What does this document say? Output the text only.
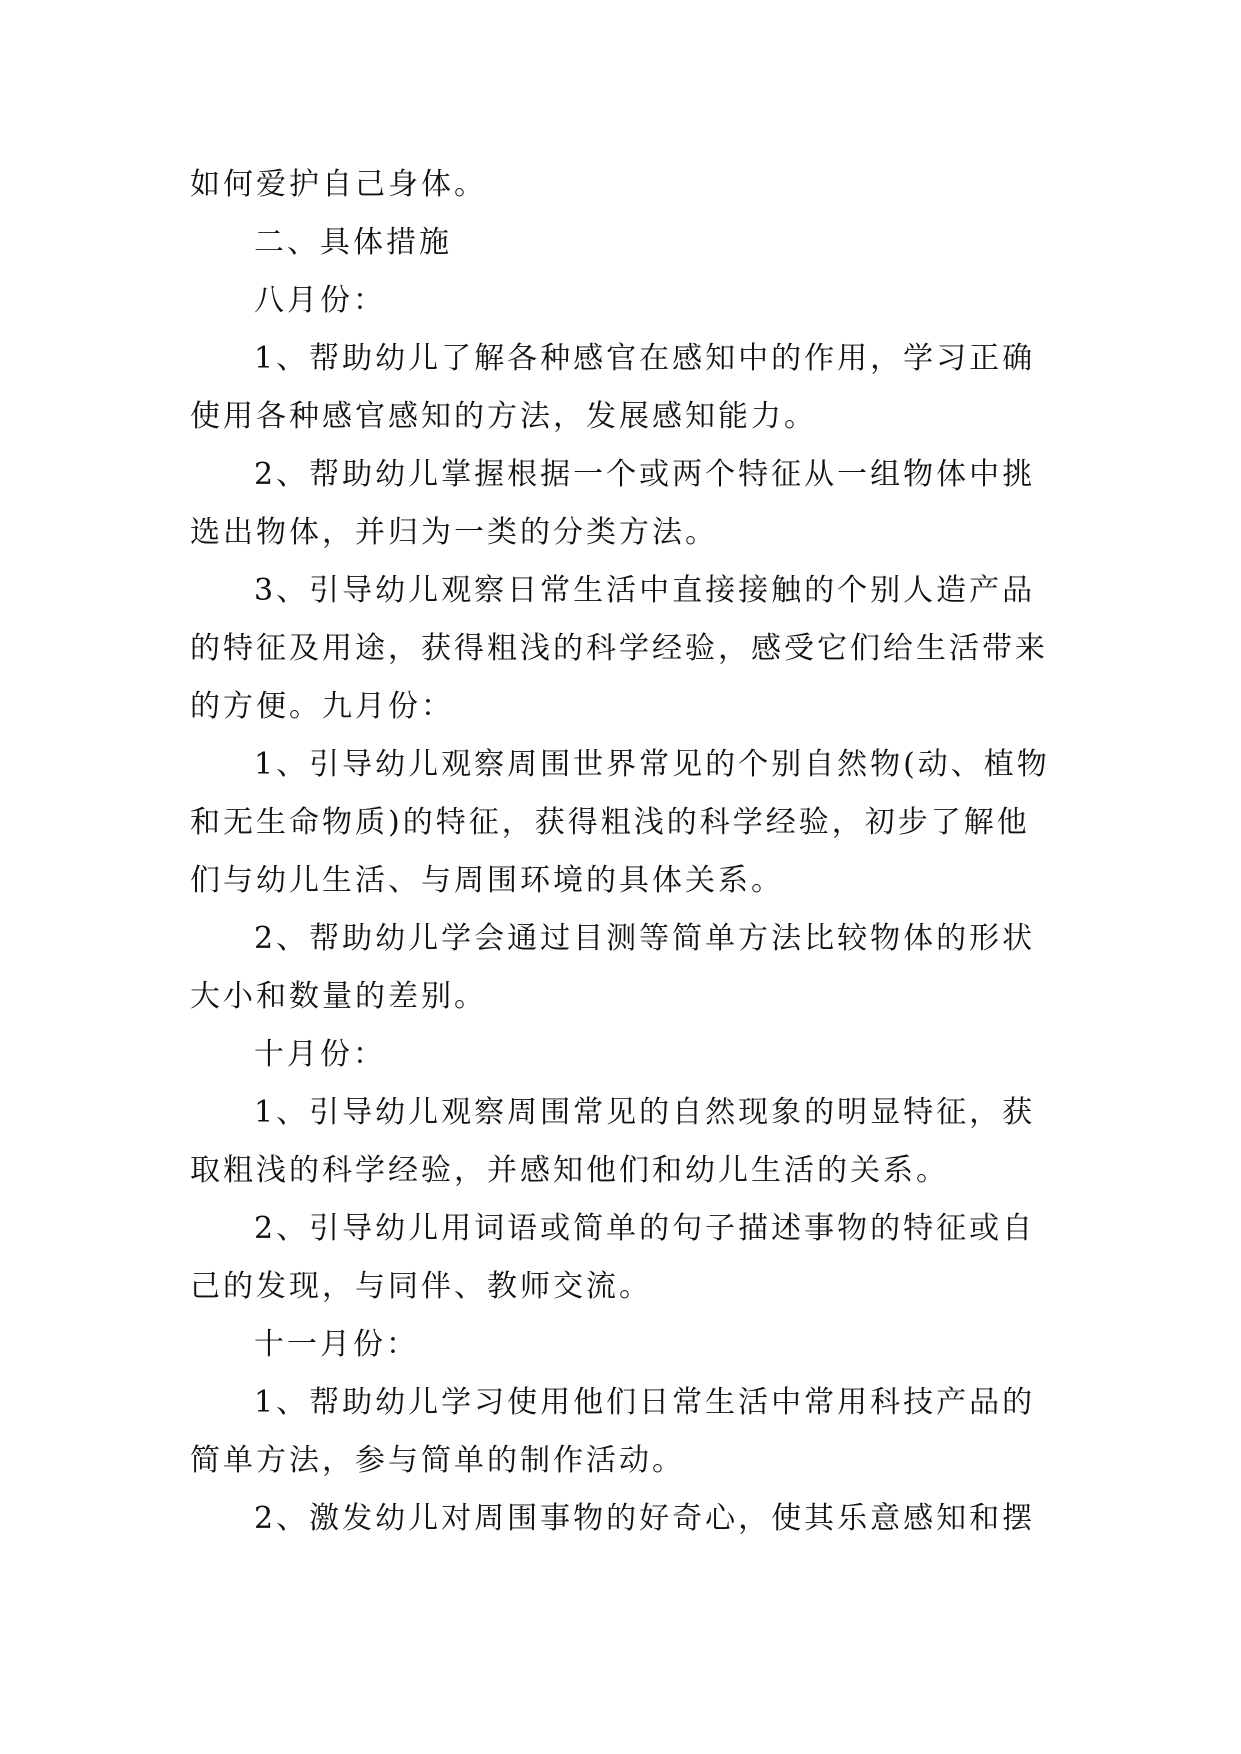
如何爱护自己身体。
二、具体措施
八月份：
1、帮助幼儿了解各种感官在感知中的作用，学习正确
使用各种感官感知的方法，发展感知能力。
2、帮助幼儿掌握根据一个或两个特征从一组物体中挑
选出物体，并归为一类的分类方法。
3、引导幼儿观察日常生活中直接接触的个别人造产品
的特征及用途，获得粗浅的科学经验，感受它们给生活带来
的方便。九月份：
1、引导幼儿观察周围世界常见的个别自然物(动、植物
和无生命物质)的特征，获得粗浅的科学经验，初步了解他
们与幼儿生活、与周围环境的具体关系。
2、帮助幼儿学会通过目测等简单方法比较物体的形状
大小和数量的差别。
十月份：
1、引导幼儿观察周围常见的自然现象的明显特征，获
取粗浅的科学经验，并感知他们和幼儿生活的关系。
2、引导幼儿用词语或简单的句子描述事物的特征或自
己的发现，与同伴、教师交流。
十一月份：
1、帮助幼儿学习使用他们日常生活中常用科技产品的
简单方法，参与简单的制作活动。
2、激发幼儿对周围事物的好奇心，使其乐意感知和摆
